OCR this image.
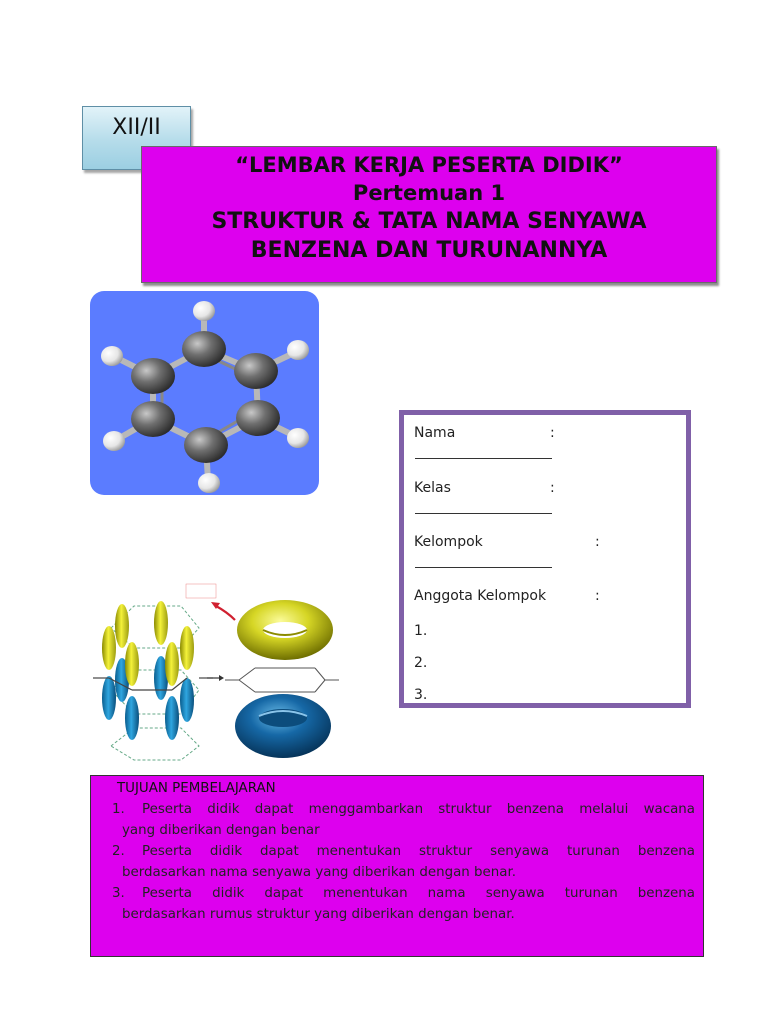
XII/II
“LEMBAR KERJA PESERTA DIDIK”
Pertemuan 1
STRUKTUR & TATA NAMA SENYAWA
BENZENA DAN TURUNANNYA
Nama	:
Kelas	:
Kelompok	:
Anggota Kelompok	:
1.
2.
3.
TUJUAN PEMBELAJARAN
1. Peserta didik dapat menggambarkan struktur benzena melalui wacana
yang diberikan dengan benar
2. Peserta didik dapat menentukan struktur senyawa turunan benzena
berdasarkan nama senyawa yang diberikan dengan benar.
3. Peserta didik dapat menentukan nama senyawa turunan benzena
berdasarkan rumus struktur yang diberikan dengan benar.
